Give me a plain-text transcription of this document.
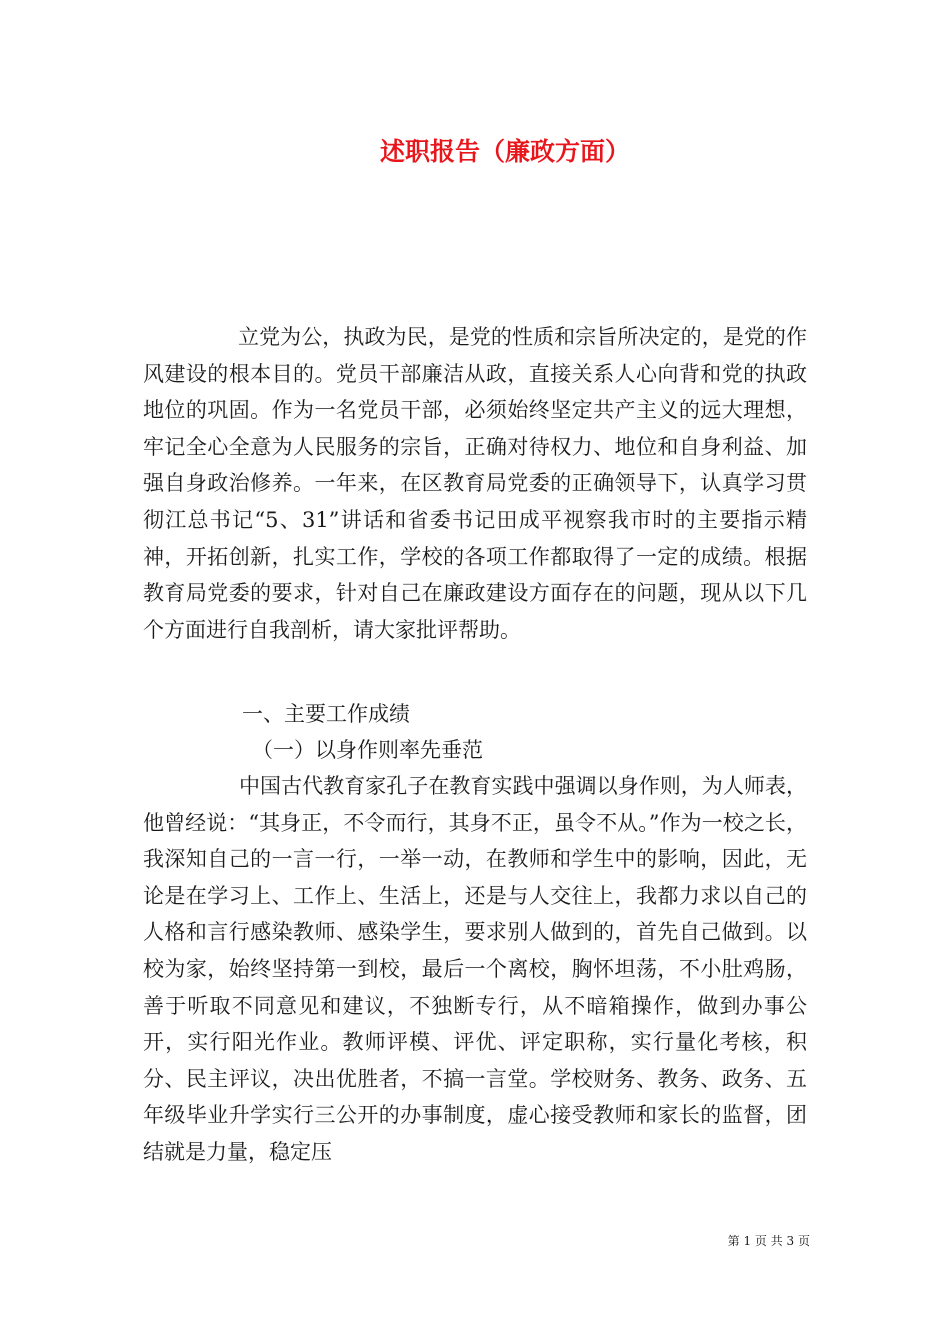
述职报告（廉政方面）
立党为公，执政为民，是党的性质和宗旨所决定的，是党的作风建设的根本目的。党员干部廉洁从政，直接关系人心向背和党的执政地位的巩固。作为一名党员干部，必须始终坚定共产主义的远大理想，牢记全心全意为人民服务的宗旨，正确对待权力、地位和自身利益、加强自身政治修养。一年来，在区教育局党委的正确领导下，认真学习贯彻江总书记“5、31”讲话和省委书记田成平视察我市时的主要指示精神，开拓创新，扎实工作，学校的各项工作都取得了一定的成绩。根据教育局党委的要求，针对自己在廉政建设方面存在的问题，现从以下几个方面进行自我剖析，请大家批评帮助。
一、主要工作成绩
（一）以身作则率先垂范
中国古代教育家孔子在教育实践中强调以身作则，为人师表，他曾经说：“其身正，不令而行，其身不正，虽令不从。”作为一校之长，我深知自己的一言一行，一举一动，在教师和学生中的影响，因此，无论是在学习上、工作上、生活上，还是与人交往上，我都力求以自己的人格和言行感染教师、感染学生，要求别人做到的，首先自己做到。以校为家，始终坚持第一到校，最后一个离校，胸怀坦荡，不小肚鸡肠，善于听取不同意见和建议，不独断专行，从不暗箱操作，做到办事公开，实行阳光作业。教师评模、评优、评定职称，实行量化考核，积分、民主评议，决出优胜者，不搞一言堂。学校财务、教务、政务、五年级毕业升学实行三公开的办事制度，虚心接受教师和家长的监督，团结就是力量，稳定压
第 1 页 共 3 页
